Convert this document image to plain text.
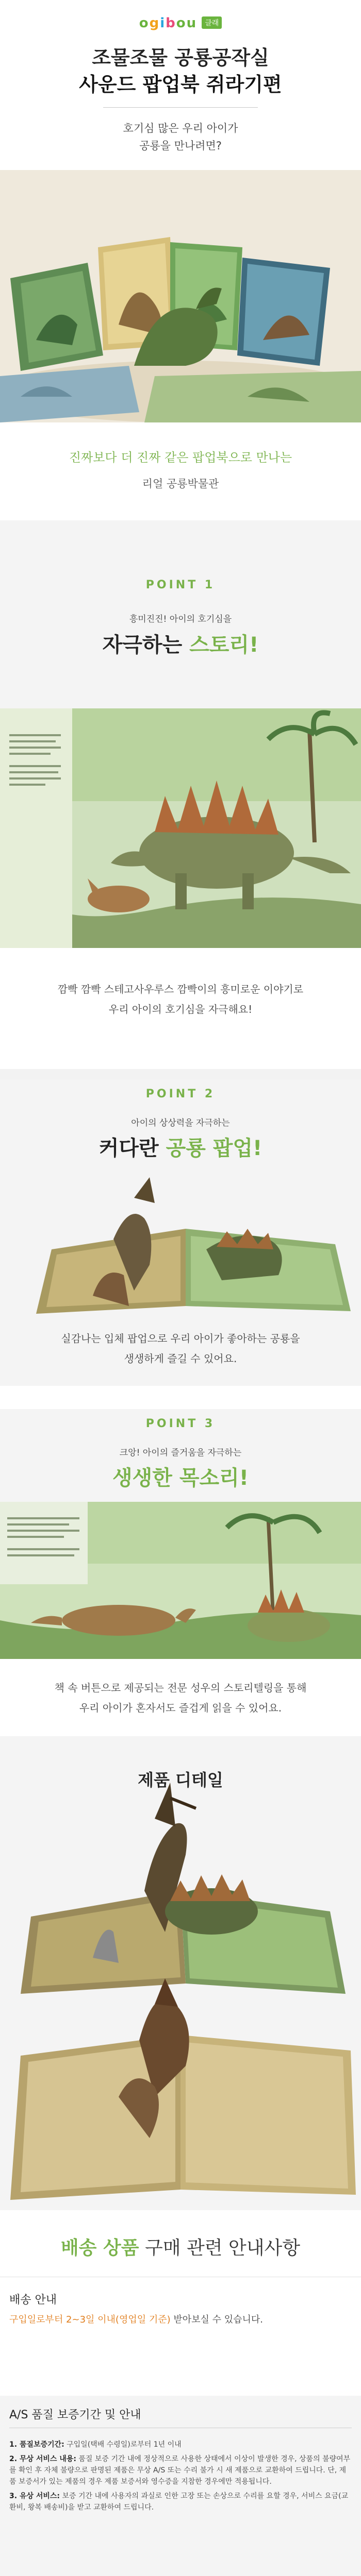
ogibou 클래
조물조물 공룡공작실
사운드 팝업북 쥐라기편
호기심 많은 우리 아이가
공룡을 만나려면?
진짜보다 더 진짜 같은 팝업북으로 만나는
리얼 공룡박물관
POINT 1
흥미진진! 아이의 호기심을
자극하는 스토리!
깜빡 깜빡 스테고사우루스 깜빡이의 흥미로운 이야기로
우리 아이의 호기심을 자극해요!
POINT 2
아이의 상상력을 자극하는
커다란 공룡 팝업!
실감나는 입체 팝업으로 우리 아이가 좋아하는 공룡을
생생하게 즐길 수 있어요.
POINT 3
크앙! 아이의 즐거움을 자극하는
생생한 목소리!
책 속 버튼으로 제공되는 전문 성우의 스토리텔링을 통해
우리 아이가 혼자서도 즐겁게 읽을 수 있어요.
제품 디테일
배송 상품 구매 관련 안내사항
배송 안내
구입일로부터 2~3일 이내(영업일 기준) 받아보실 수 있습니다.
A/S 품질 보증기간 및 안내
1. 품질보증기간: 구입일(택배 수령일)로부터 1년 이내
2. 무상 서비스 내용: 품질 보증 기간 내에 정상적으로 사용한 상태에서 이상이 발생한 경우, 상품의 불량여부를 확인 후 자체 불량으로 판명된 제품은 무상 A/S 또는 수리 불가 시 새 제품으로 교환하여 드립니다. 단, 제품 보증서가 있는 제품의 경우 제품 보증서와 영수증을 지참한 경우에만 적용됩니다.
3. 유상 서비스: 보증 기간 내에 사용자의 과실로 인한 고장 또는 손상으로 수리를 요할 경우, 서비스 요금(교환비, 왕복 배송비)을 받고 교환하여 드립니다.
